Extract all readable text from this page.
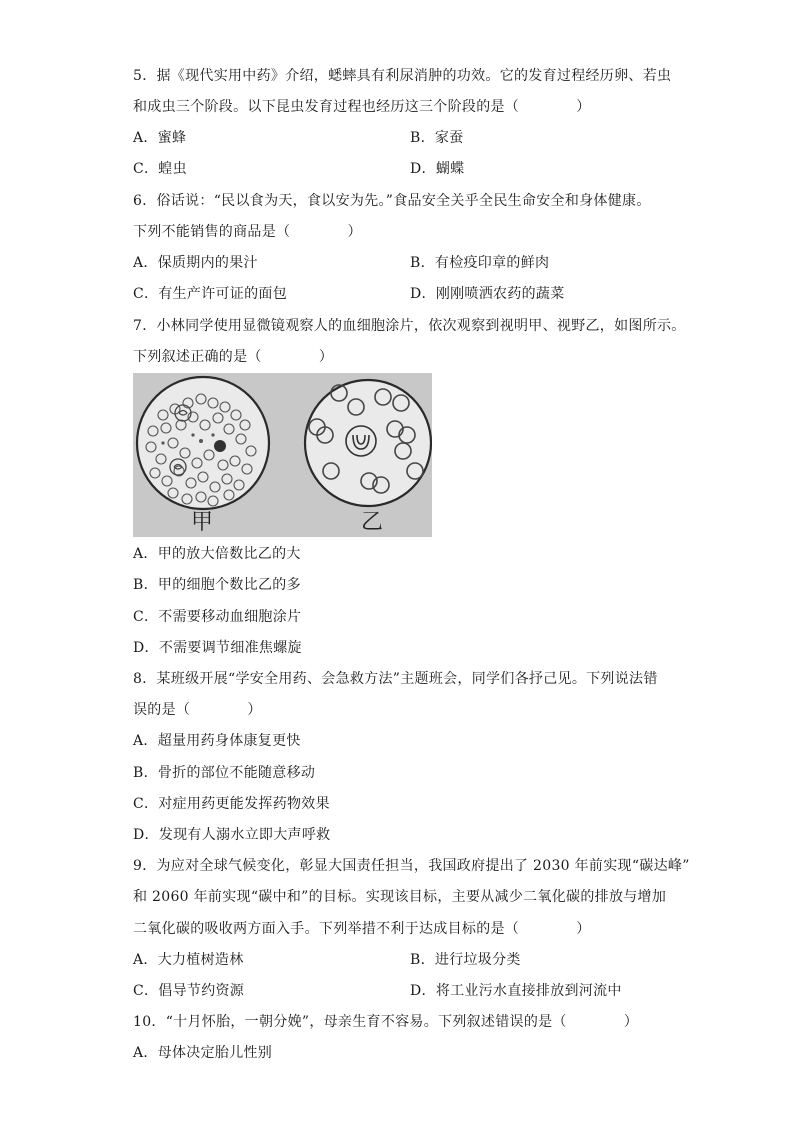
5．据《现代实用中药》介绍，蟋蟀具有利尿消肿的功效。它的发育过程经历卵、若虫
和成虫三个阶段。以下昆虫发育过程也经历这三个阶段的是（　　　　）
A．蜜蜂	B．家蚕
C．蝗虫	D．蝴蝶
6．俗话说：“民以食为天，食以安为先。”食品安全关乎全民生命安全和身体健康。
下列不能销售的商品是（　　　　）
A．保质期内的果汁	B．有检疫印章的鲜肉
C．有生产许可证的面包	D．刚刚喷洒农药的蔬菜
7．小林同学使用显微镜观察人的血细胞涂片，依次观察到视明甲、视野乙，如图所示。
下列叙述正确的是（　　　　）
甲	乙
A．甲的放大倍数比乙的大
B．甲的细胞个数比乙的多
C．不需要移动血细胞涂片
D．不需要调节细准焦螺旋
8．某班级开展“学安全用药、会急救方法”主题班会，同学们各抒己见。下列说法错
误的是（　　　　）
A．超量用药身体康复更快
B．骨折的部位不能随意移动
C．对症用药更能发挥药物效果
D．发现有人溺水立即大声呼救
9．为应对全球气候变化，彰显大国责任担当，我国政府提出了 2030 年前实现“碳达峰”
和 2060 年前实现“碳中和”的目标。实现该目标，主要从减少二氧化碳的排放与增加
二氧化碳的吸收两方面入手。下列举措不利于达成目标的是（　　　　）
A．大力植树造林	B．进行垃圾分类
C．倡导节约资源	D．将工业污水直接排放到河流中
10．“十月怀胎，一朝分娩”，母亲生育不容易。下列叙述错误的是（　　　　）
A．母体决定胎儿性别
